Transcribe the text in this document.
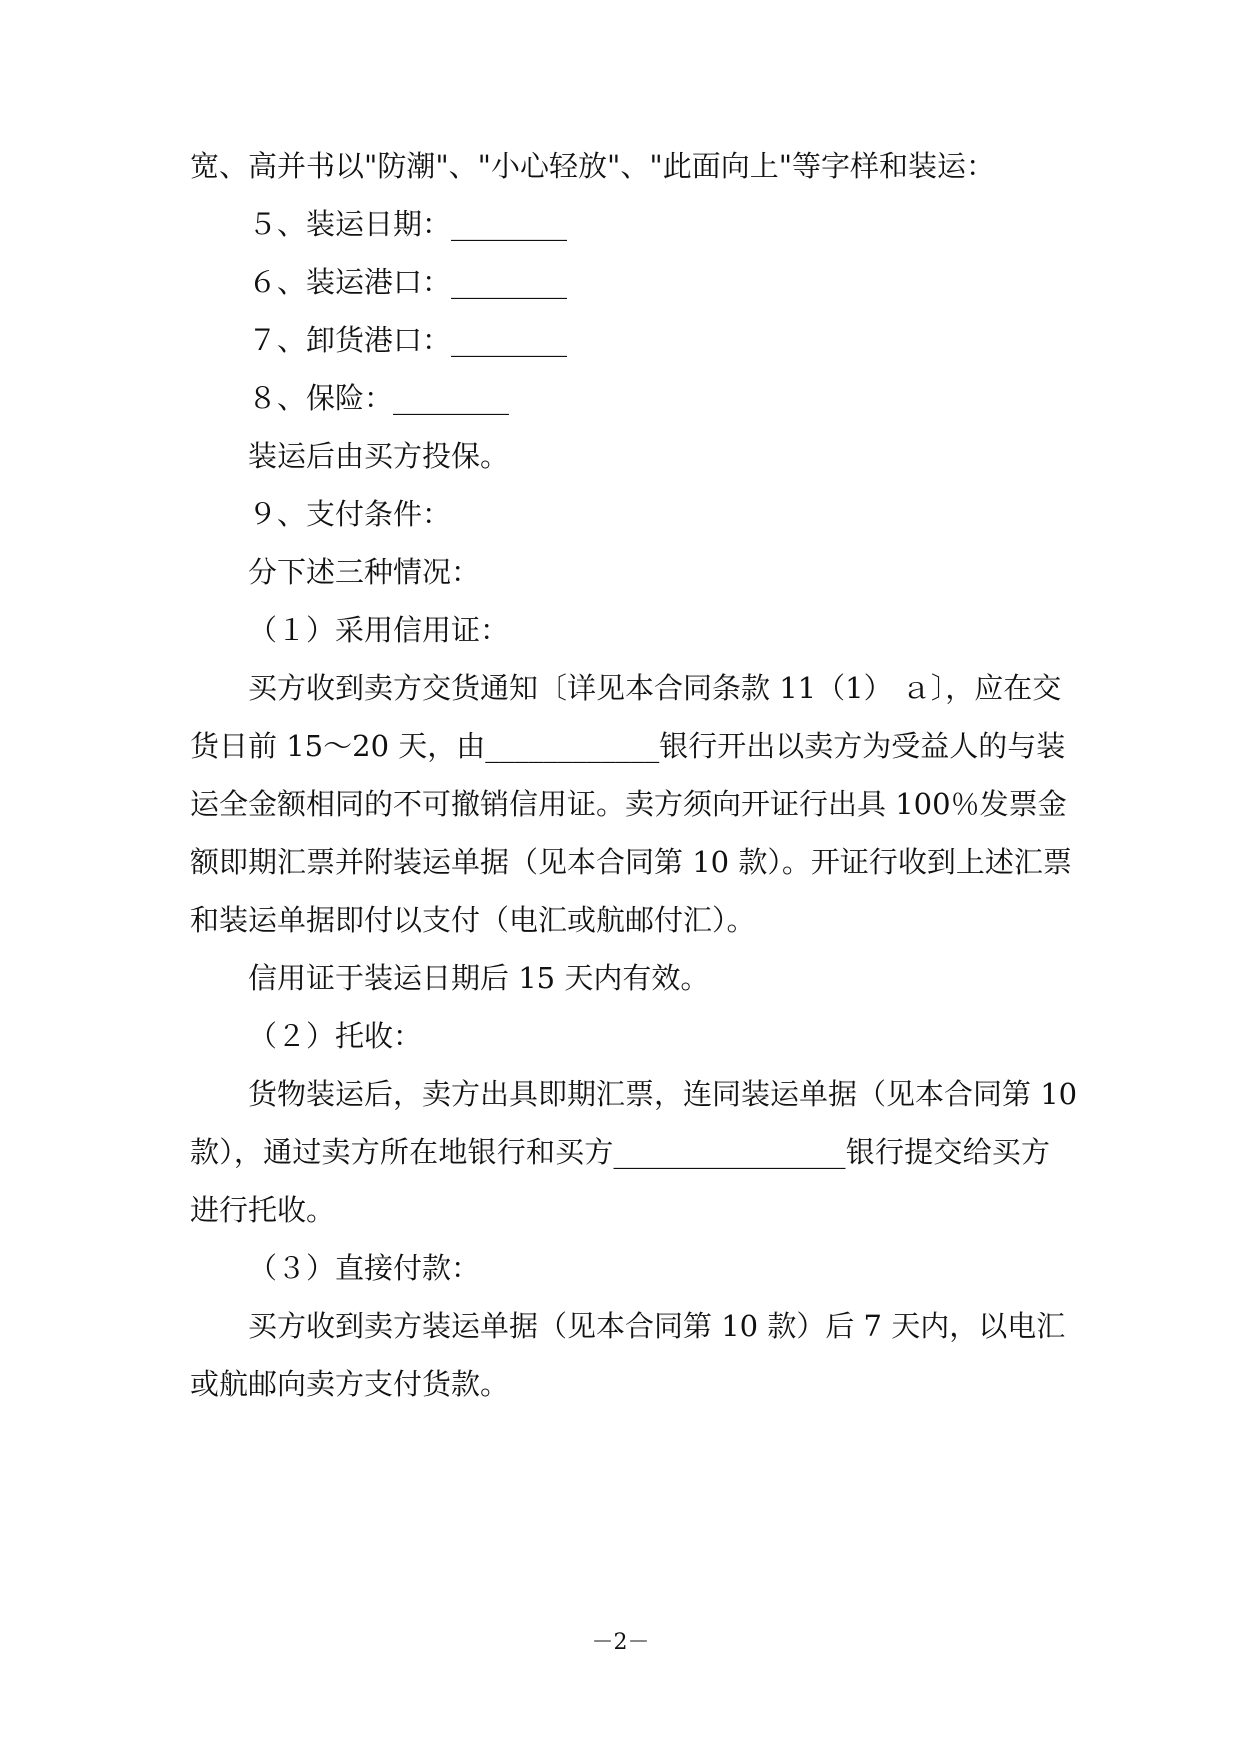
宽、高并书以"防潮"、"小心轻放"、"此面向上"等字样和装运：
５、装运日期：________
６、装运港口：________
７、卸货港口：________
８、保险：________
装运后由买方投保。
９、支付条件：
分下述三种情况：
（１）采用信用证：
买方收到卖方交货通知〔详见本合同条款 11（1） ａ〕，应在交
货日前 15～20 天，由____________银行开出以卖方为受益人的与装
运全金额相同的不可撤销信用证。卖方须向开证行出具 100％发票金
额即期汇票并附装运单据（见本合同第 10 款）。开证行收到上述汇票
和装运单据即付以支付（电汇或航邮付汇）。
信用证于装运日期后 15 天内有效。
（２）托收：
货物装运后，卖方出具即期汇票，连同装运单据（见本合同第 10
款），通过卖方所在地银行和买方________________银行提交给买方
进行托收。
（３）直接付款：
买方收到卖方装运单据（见本合同第 10 款）后 7 天内，以电汇
或航邮向卖方支付货款。
－2－
